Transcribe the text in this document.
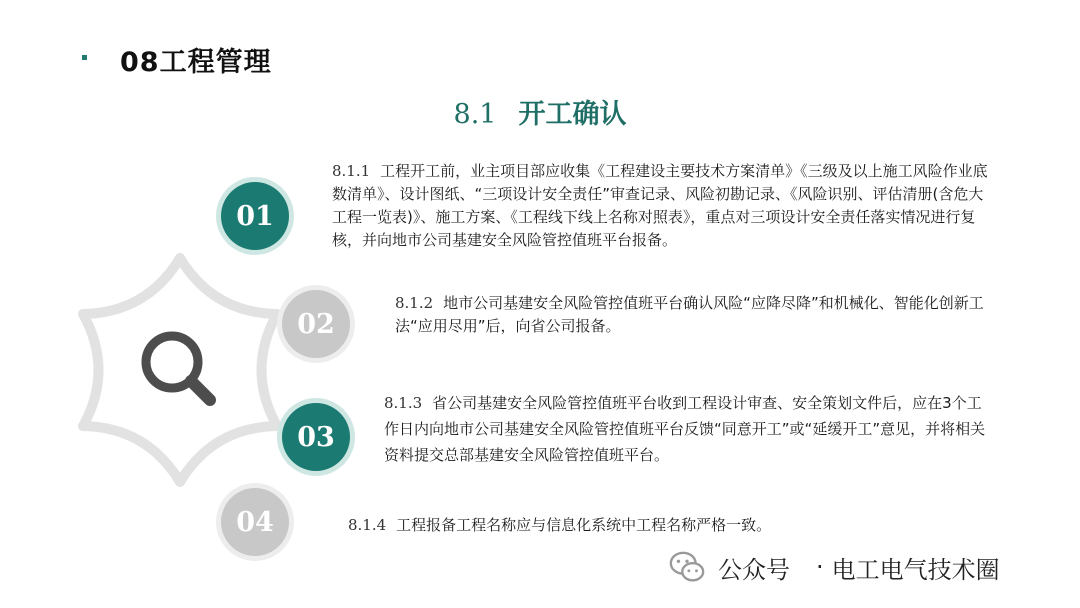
08工程管理
8.1 开工确认
01
02
03
04
8.1.1 工程开工前，业主项目部应收集《工程建设主要技术方案清单》《三级及以上施工风险作业底数清单》、设计图纸、“三项设计安全责任”审查记录、风险初勘记录、《风险识别、评估清册(含危大工程一览表)》、施工方案、《工程线下线上名称对照表》，重点对三项设计安全责任落实情况进行复核，并向地市公司基建安全风险管控值班平台报备。
8.1.2 地市公司基建安全风险管控值班平台确认风险“应降尽降”和机械化、智能化创新工法“应用尽用”后，向省公司报备。
8.1.3 省公司基建安全风险管控值班平台收到工程设计审查、安全策划文件后，应在3个工作日内向地市公司基建安全风险管控值班平台反馈“同意开工”或“延缓开工”意见，并将相关资料提交总部基建安全风险管控值班平台。
8.1.4 工程报备工程名称应与信息化系统中工程名称严格一致。
公众号 · 电工电气技术圈
